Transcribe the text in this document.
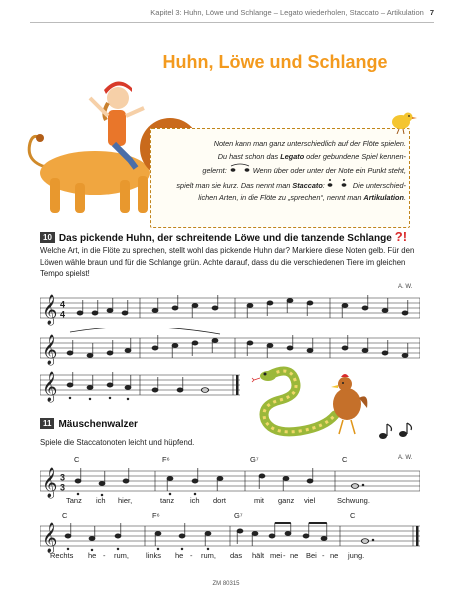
Kapitel 3: Huhn, Löwe und Schlange – Legato wiederholen, Staccato – Artikulation 7
Huhn, Löwe und Schlange
Noten kann man ganz unterschiedlich auf der Flöte spielen.
Du hast schon das Legato oder gebundene Spiel kennen-
gelernt:	Wenn über oder unter der Note ein Punkt steht,
spielt man sie kurz. Das nennt man Staccato:	Die unterschied-
lichen Arten, in die Flöte zu „sprechen“, nennt man Artikulation.
10 Das pickende Huhn, der schreitende Löwe und die tanzende Schlange ?!
Welche Art, in die Flöte zu sprechen, stellt wohl das pickende Huhn dar? Markiere diese Noten gelb. Für den Löwen wähle braun und für die Schlange grün. Achte darauf, dass du die verschiedenen Tiere im gleichen Tempo spielst!
A. W.
𝄞 4
4
𝄞
𝄞
11 Mäuschenwalzer
Spiele die Staccatonoten leicht und hüpfend.
A. W.
C	F⁶	G⁷	C
𝄞 3
3
Tanz ich hier,	tanz ich dort	mit ganz viel	Schwung.
C	F⁶	G⁷	C
𝄞
Rechts he - rum, links he - rum, das hält mei - ne Bei - ne jung.
ZM 80315
